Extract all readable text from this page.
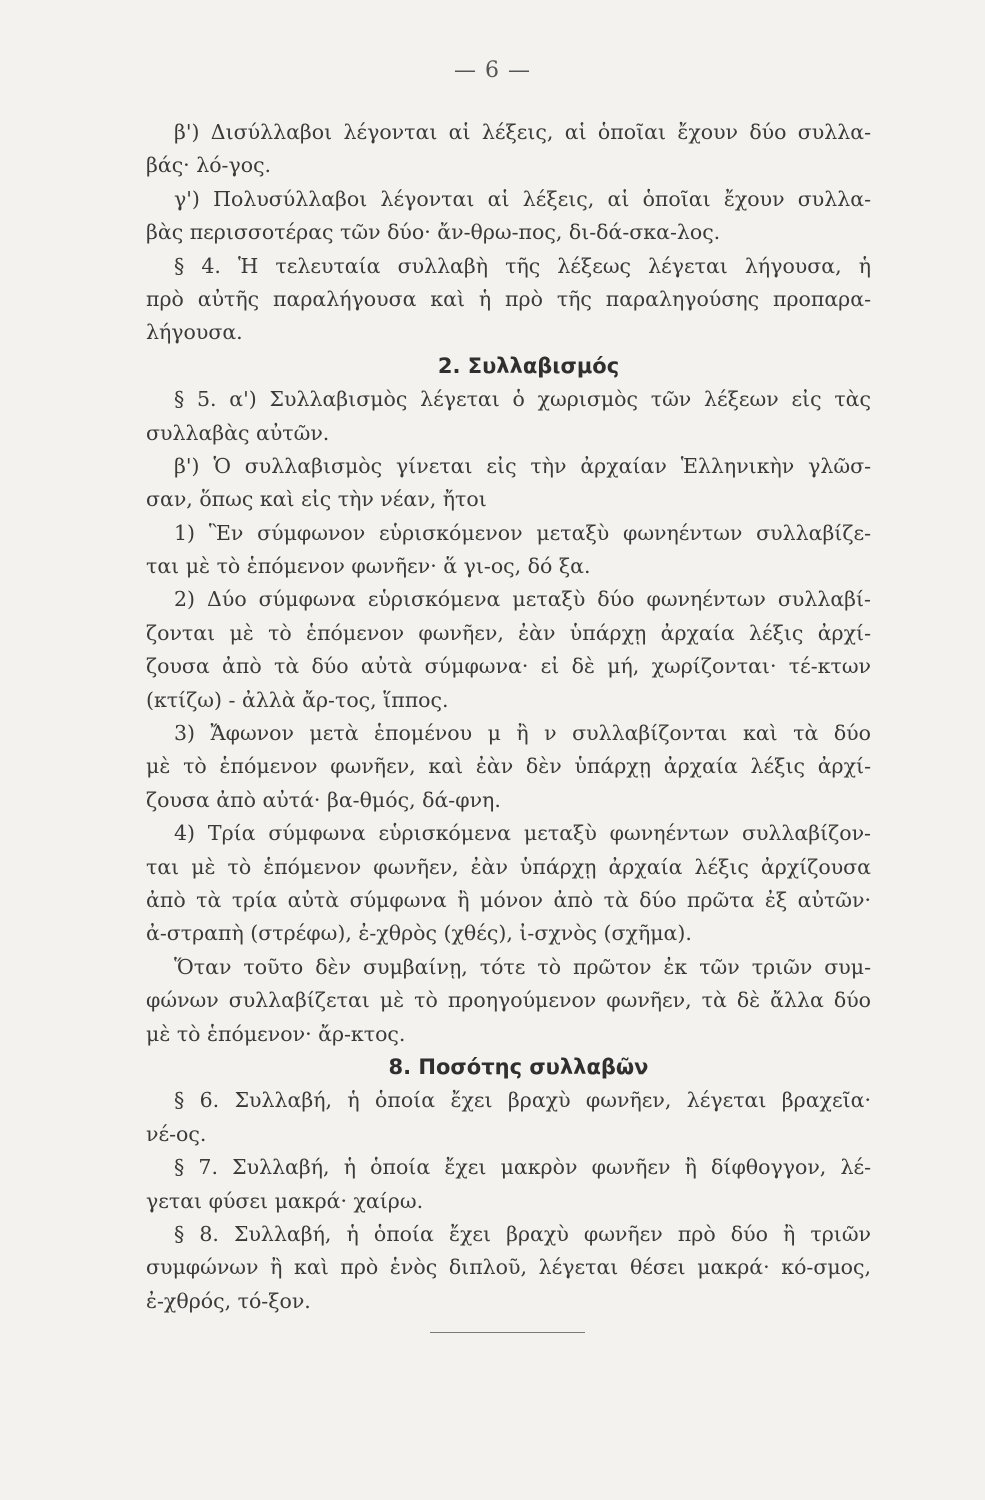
— 6 —
β') Δισύλλαβοι λέγονται αἱ λέξεις, αἱ ὁποῖαι ἔχουν δύο συλλα-
βάς· λό-γος.
γ') Πολυσύλλαβοι λέγονται αἱ λέξεις, αἱ ὁποῖαι ἔχουν συλλα-
βὰς περισσοτέρας τῶν δύο· ἄν-θρω-πος, δι-δά-σκα-λος.
§ 4. Ἡ τελευταία συλλαβὴ τῆς λέξεως λέγεται λήγουσα, ἡ
πρὸ αὐτῆς παραλήγουσα καὶ ἡ πρὸ τῆς παραληγούσης προπαρα-
λήγουσα.
2. Συλλαβισμός
§ 5. α') Συλλαβισμὸς λέγεται ὁ χωρισμὸς τῶν λέξεων εἰς τὰς
συλλαβὰς αὐτῶν.
β') Ὁ συλλαβισμὸς γίνεται εἰς τὴν ἀρχαίαν Ἑλληνικὴν γλῶσ-
σαν, ὅπως καὶ εἰς τὴν νέαν, ἤτοι
1) Ἓν σύμφωνον εὑρισκόμενον μεταξὺ φωνηέντων συλλαβίζε-
ται μὲ τὸ ἑπόμενον φωνῆεν· ἅ γι-ος, δό ξα.
2) Δύο σύμφωνα εὑρισκόμενα μεταξὺ δύο φωνηέντων συλλαβί-
ζονται μὲ τὸ ἑπόμενον φωνῆεν, ἐὰν ὑπάρχῃ ἀρχαία λέξις ἀρχί-
ζουσα ἀπὸ τὰ δύο αὐτὰ σύμφωνα· εἰ δὲ μή, χωρίζονται· τέ-κτων
(κτίζω) - ἀλλὰ ἄρ-τος, ἵππος.
3) Ἄφωνον μετὰ ἑπομένου μ ἢ ν συλλαβίζονται καὶ τὰ δύο
μὲ τὸ ἑπόμενον φωνῆεν, καὶ ἐὰν δὲν ὑπάρχῃ ἀρχαία λέξις ἀρχί-
ζουσα ἀπὸ αὐτά· βα-θμός, δά-φνη.
4) Τρία σύμφωνα εὑρισκόμενα μεταξὺ φωνηέντων συλλαβίζον-
ται μὲ τὸ ἑπόμενον φωνῆεν, ἐὰν ὑπάρχῃ ἀρχαία λέξις ἀρχίζουσα
ἀπὸ τὰ τρία αὐτὰ σύμφωνα ἢ μόνον ἀπὸ τὰ δύο πρῶτα ἐξ αὐτῶν·
ἀ-στραπὴ (στρέφω), ἐ-χθρὸς (χθές), ἰ-σχνὸς (σχῆμα).
Ὅταν τοῦτο δὲν συμβαίνῃ, τότε τὸ πρῶτον ἐκ τῶν τριῶν συμ-
φώνων συλλαβίζεται μὲ τὸ προηγούμενον φωνῆεν, τὰ δὲ ἄλλα δύο
μὲ τὸ ἑπόμενον· ἄρ-κτος.
8. Ποσότης συλλαβῶν
§ 6. Συλλαβή, ἡ ὁποία ἔχει βραχὺ φωνῆεν, λέγεται βραχεῖα·
νέ-ος.
§ 7. Συλλαβή, ἡ ὁποία ἔχει μακρὸν φωνῆεν ἢ δίφθογγον, λέ-
γεται φύσει μακρά· χαίρω.
§ 8. Συλλαβή, ἡ ὁποία ἔχει βραχὺ φωνῆεν πρὸ δύο ἢ τριῶν
συμφώνων ἢ καὶ πρὸ ἑνὸς διπλοῦ, λέγεται θέσει μακρά· κό-σμος,
ἐ-χθρός, τό-ξον.
